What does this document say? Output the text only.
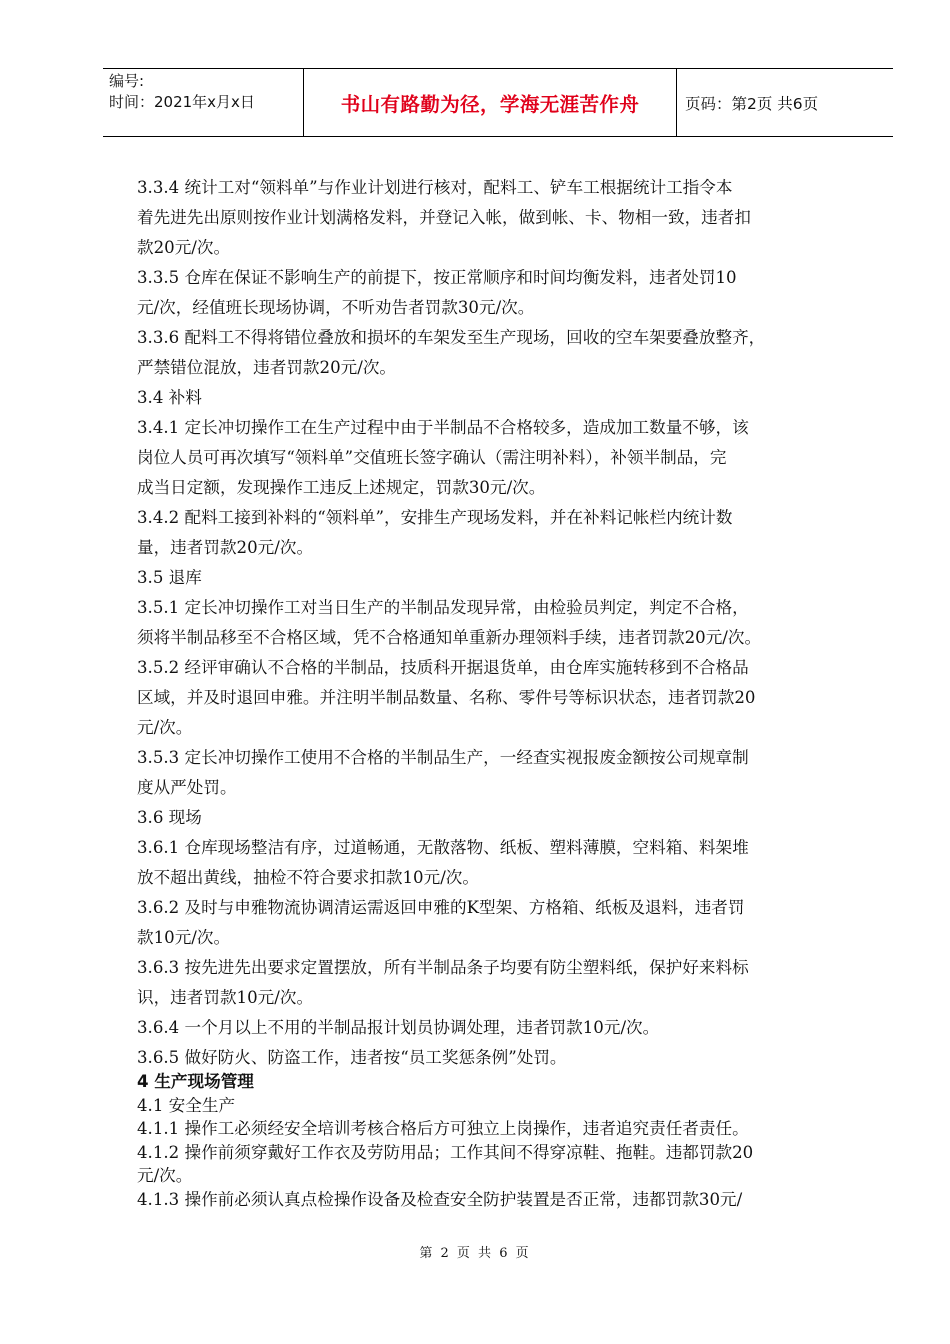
编号:
时间：2021年x月x日	书山有路勤为径，学海无涯苦作舟	页码：第2页 共6页
3.3.4 统计工对“领料单”与作业计划进行核对，配料工、铲车工根据统计工指令本
着先进先出原则按作业计划满格发料，并登记入帐，做到帐、卡、物相一致，违者扣
款20元/次。
3.3.5 仓库在保证不影响生产的前提下，按正常顺序和时间均衡发料，违者处罚10
元/次，经值班长现场协调，不听劝告者罚款30元/次。
3.3.6 配料工不得将错位叠放和损坏的车架发至生产现场，回收的空车架要叠放整齐，
严禁错位混放，违者罚款20元/次。
3.4 补料
3.4.1 定长冲切操作工在生产过程中由于半制品不合格较多，造成加工数量不够，该
岗位人员可再次填写“领料单”交值班长签字确认（需注明补料），补领半制品，完
成当日定额，发现操作工违反上述规定，罚款30元/次。
3.4.2 配料工接到补料的“领料单”，安排生产现场发料，并在补料记帐栏内统计数
量，违者罚款20元/次。
3.5 退库
3.5.1 定长冲切操作工对当日生产的半制品发现异常，由检验员判定，判定不合格，
须将半制品移至不合格区域，凭不合格通知单重新办理领料手续，违者罚款20元/次。
3.5.2 经评审确认不合格的半制品，技质科开据退货单，由仓库实施转移到不合格品
区域，并及时退回申雅。并注明半制品数量、名称、零件号等标识状态，违者罚款20
元/次。
3.5.3 定长冲切操作工使用不合格的半制品生产，一经查实视报废金额按公司规章制
度从严处罚。
3.6 现场
3.6.1 仓库现场整洁有序，过道畅通，无散落物、纸板、塑料薄膜，空料箱、料架堆
放不超出黄线，抽检不符合要求扣款10元/次。
3.6.2 及时与申雅物流协调清运需返回申雅的K型架、方格箱、纸板及退料，违者罚
款10元/次。
3.6.3 按先进先出要求定置摆放，所有半制品条子均要有防尘塑料纸，保护好来料标
识，违者罚款10元/次。
3.6.4 一个月以上不用的半制品报计划员协调处理，违者罚款10元/次。
3.6.5 做好防火、防盗工作，违者按“员工奖惩条例”处罚。
4 生产现场管理
4.1 安全生产
4.1.1 操作工必须经安全培训考核合格后方可独立上岗操作，违者追究责任者责任。
4.1.2 操作前须穿戴好工作衣及劳防用品；工作其间不得穿凉鞋、拖鞋。违都罚款20
元/次。
4.1.3 操作前必须认真点检操作设备及检查安全防护装置是否正常，违都罚款30元/
第 2 页 共 6 页
